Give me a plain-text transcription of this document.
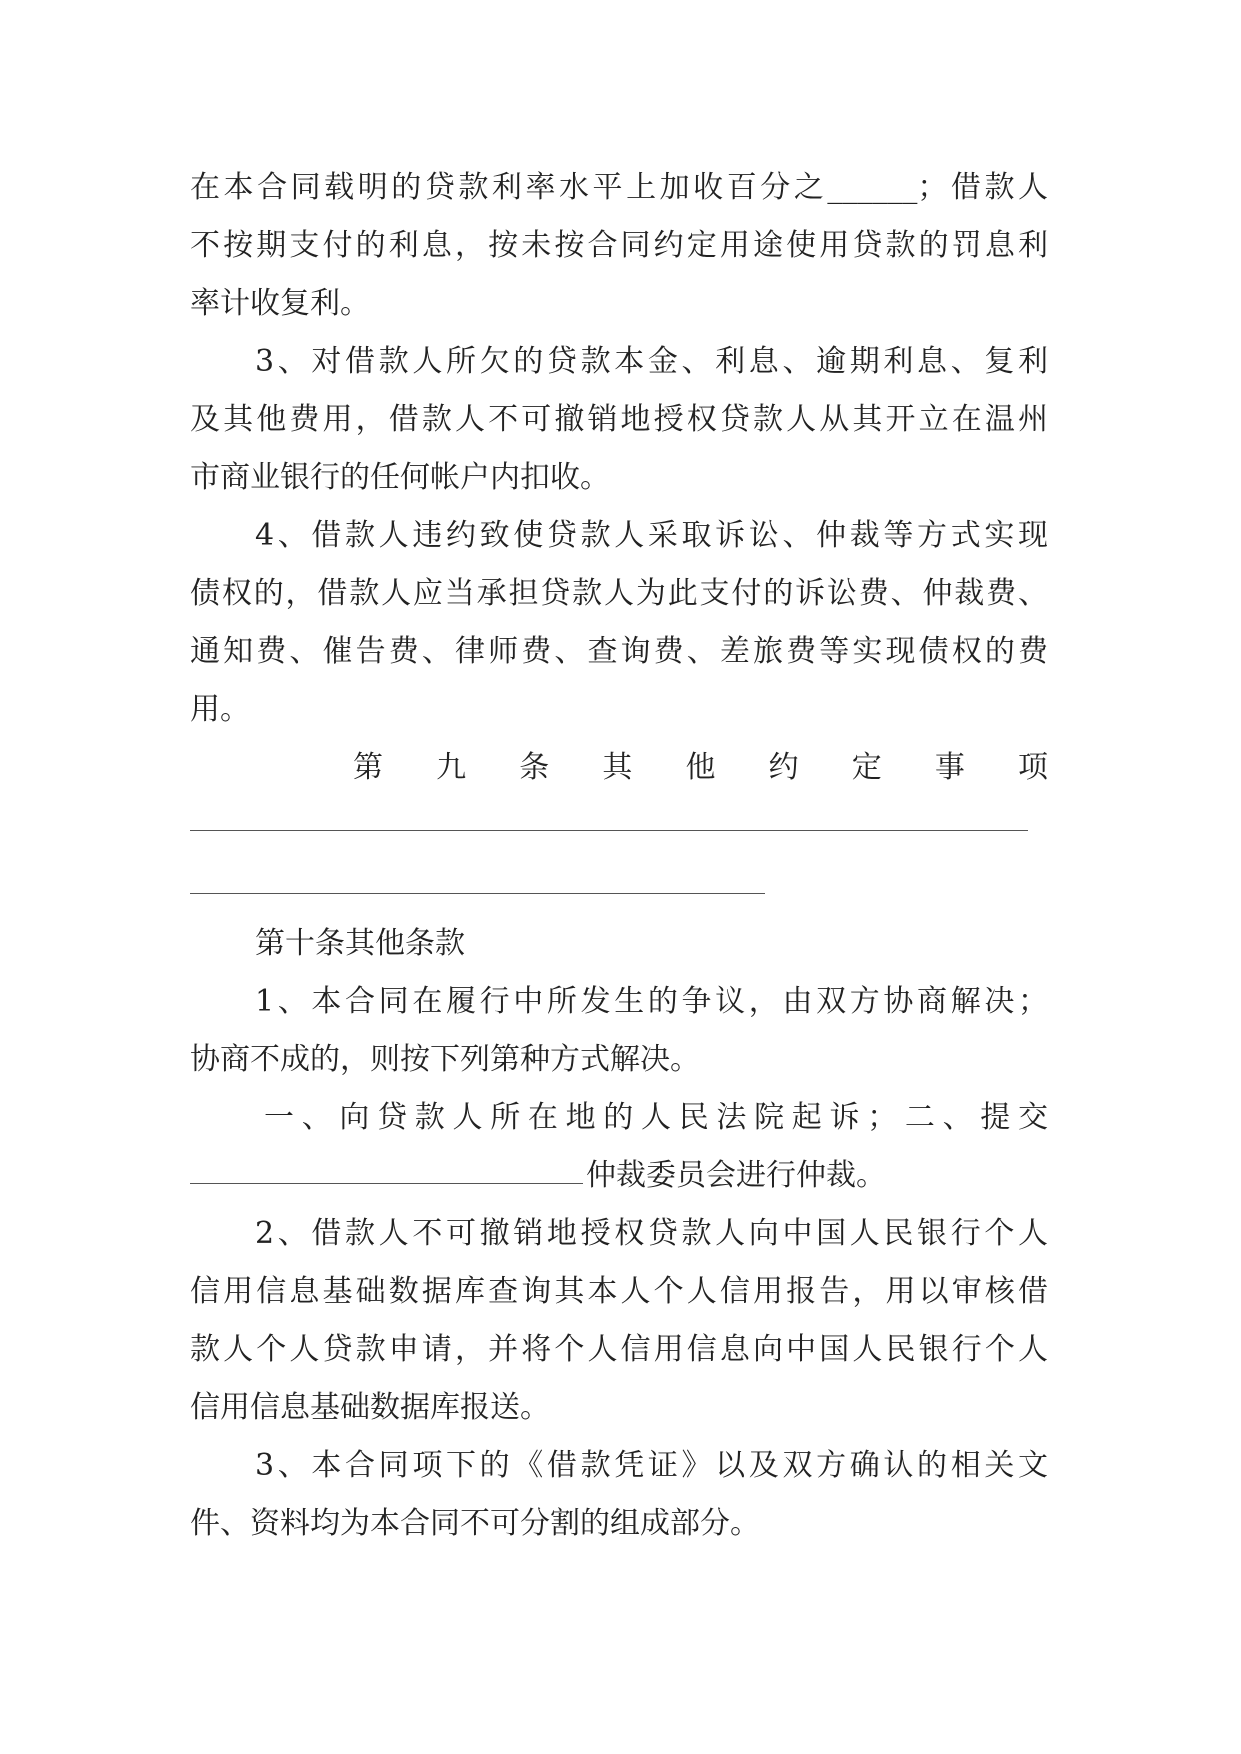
在本合同载明的贷款利率水平上加收百分之______；借款人
不按期支付的利息，按未按合同约定用途使用贷款的罚息利
率计收复利。
3、对借款人所欠的贷款本金、利息、逾期利息、复利
及其他费用，借款人不可撤销地授权贷款人从其开立在温州
市商业银行的任何帐户内扣收。
4、借款人违约致使贷款人采取诉讼、仲裁等方式实现
债权的，借款人应当承担贷款人为此支付的诉讼费、仲裁费、
通知费、催告费、律师费、查询费、差旅费等实现债权的费
用。
第九条其他约定事项
第十条其他条款
1、本合同在履行中所发生的争议，由双方协商解决；
协商不成的，则按下列第种方式解决。
一、向贷款人所在地的人民法院起诉；二、提交
仲裁委员会进行仲裁。
2、借款人不可撤销地授权贷款人向中国人民银行个人
信用信息基础数据库查询其本人个人信用报告，用以审核借
款人个人贷款申请，并将个人信用信息向中国人民银行个人
信用信息基础数据库报送。
3、本合同项下的《借款凭证》以及双方确认的相关文
件、资料均为本合同不可分割的组成部分。
